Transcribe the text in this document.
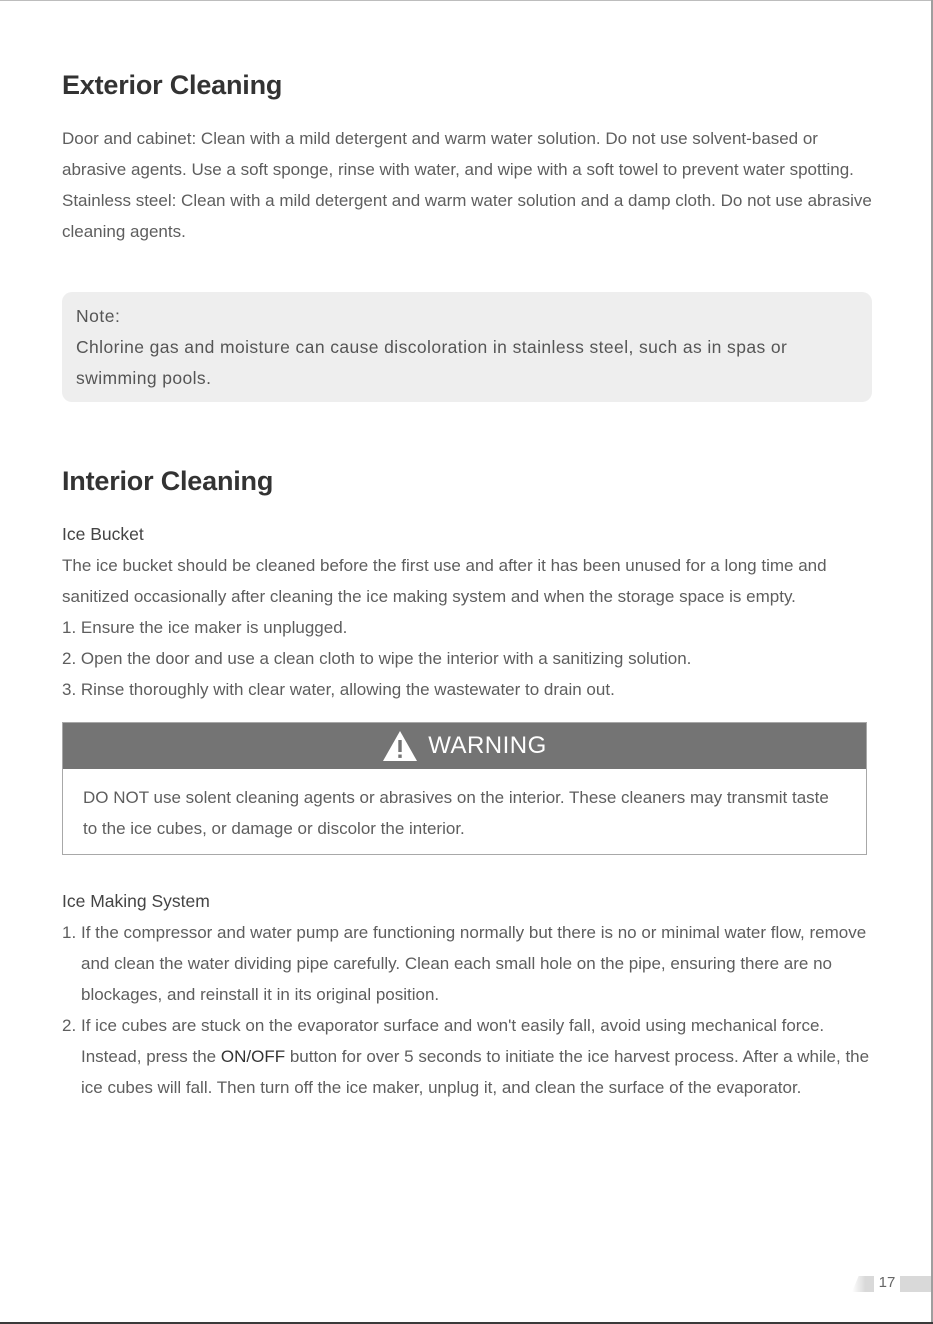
Exterior Cleaning

Door and cabinet: Clean with a mild detergent and warm water solution. Do not use solvent-based or abrasive agents. Use a soft sponge, rinse with water, and wipe with a soft towel to prevent water spotting.

Stainless steel: Clean with a mild detergent and warm water solution and a damp cloth. Do not use abrasive cleaning agents.

Note:
Chlorine gas and moisture can cause discoloration in stainless steel, such as in spas or swimming pools.
Interior Cleaning
Ice Bucket

The ice bucket should be cleaned before the first use and after it has been unused for a long time and sanitized occasionally after cleaning the ice making system and when the storage space is empty.

1. Ensure the ice maker is unplugged.

2. Open the door and use a clean cloth to wipe the interior with a sanitizing solution.

3. Rinse thoroughly with clear water, allowing the wastewater to drain out.

WARNING
DO NOT use solent cleaning agents or abrasives on the interior. These cleaners may transmit taste to the ice cubes, or damage or discolor the interior.
Ice Making System
1. If the compressor and water pump are functioning normally but there is no or minimal water flow, remove and clean the water dividing pipe carefully. Clean each small hole on the pipe, ensuring there are no blockages, and reinstall it in its original position.
2. If ice cubes are stuck on the evaporator surface and won't easily fall, avoid using mechanical force. Instead, press the ON/OFF button for over 5 seconds to initiate the ice harvest process. After a while, the ice cubes will fall. Then turn off the ice maker, unplug it, and clean the surface of the evaporator.
17
